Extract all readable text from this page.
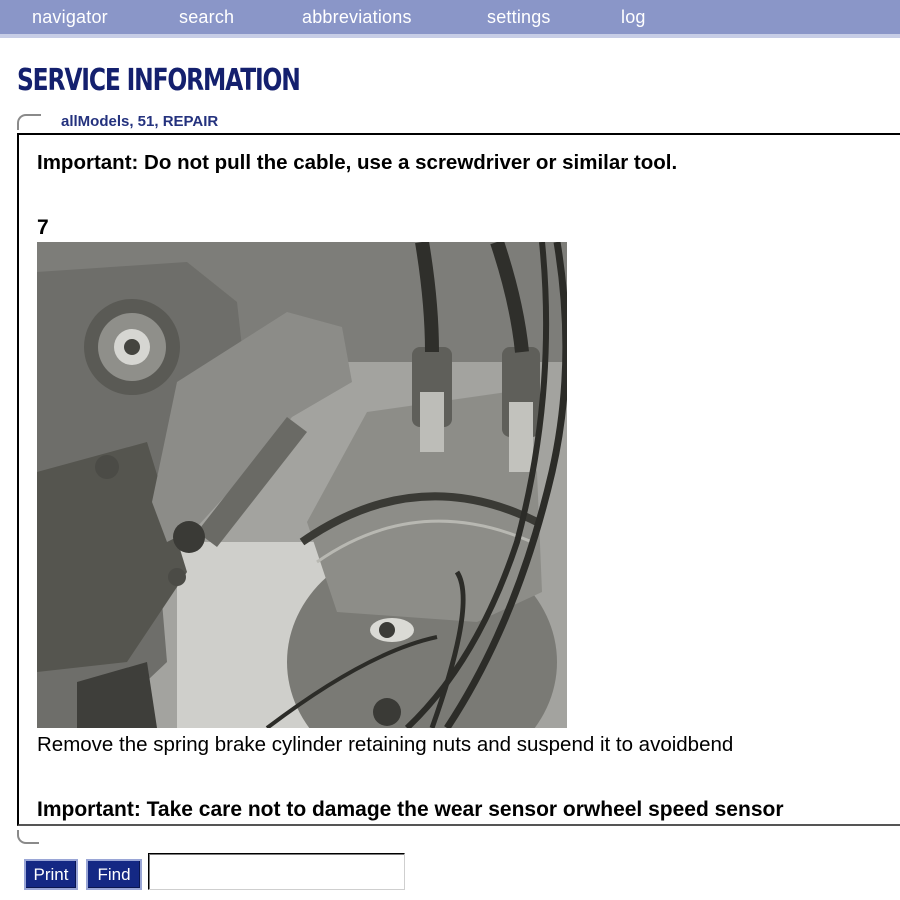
navigator	search	abbreviations	settings	log
SERVICE INFORMATION
allModels, 51, REPAIR
Important: Do not pull the cable, use a screwdriver or similar tool.
7
Remove the spring brake cylinder retaining nuts and suspend it to avoidbend
Important: Take care not to damage the wear sensor orwheel speed sensor
Print	Find
